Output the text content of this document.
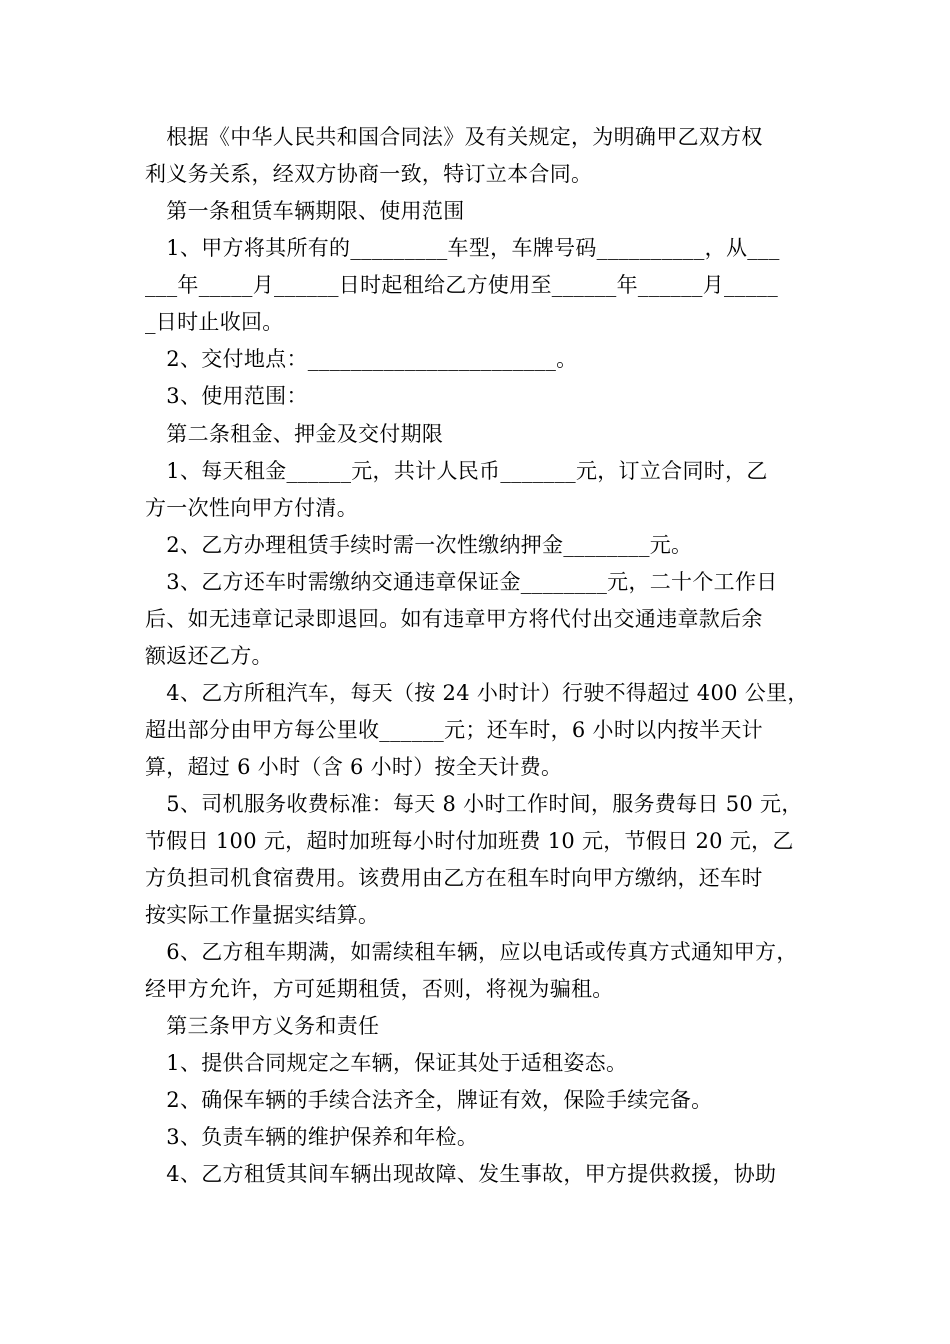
　根据《中华人民共和国合同法》及有关规定，为明确甲乙双方权
利义务关系，经双方协商一致，特订立本合同。
　第一条租赁车辆期限、使用范围
　1、甲方将其所有的_________车型，车牌号码__________，从___
___年_____月______日时起租给乙方使用至______年______月_____
_日时止收回。
　2、交付地点：_______________________。
　3、使用范围：
　第二条租金、押金及交付期限
　1、每天租金______元，共计人民币_______元，订立合同时，乙
方一次性向甲方付清。
　2、乙方办理租赁手续时需一次性缴纳押金________元。
　3、乙方还车时需缴纳交通违章保证金________元，二十个工作日
后、如无违章记录即退回。如有违章甲方将代付出交通违章款后余
额返还乙方。
　4、乙方所租汽车，每天（按 24 小时计）行驶不得超过 400 公里，
超出部分由甲方每公里收______元；还车时，6 小时以内按半天计
算，超过 6 小时（含 6 小时）按全天计费。
　5、司机服务收费标准：每天 8 小时工作时间，服务费每日 50 元，
节假日 100 元，超时加班每小时付加班费 10 元，节假日 20 元，乙
方负担司机食宿费用。该费用由乙方在租车时向甲方缴纳，还车时
按实际工作量据实结算。
　6、乙方租车期满，如需续租车辆，应以电话或传真方式通知甲方，
经甲方允许，方可延期租赁，否则，将视为骗租。
　第三条甲方义务和责任
　1、提供合同规定之车辆，保证其处于适租姿态。
　2、确保车辆的手续合法齐全，牌证有效，保险手续完备。
　3、负责车辆的维护保养和年检。
　4、乙方租赁其间车辆出现故障、发生事故，甲方提供救援，协助
